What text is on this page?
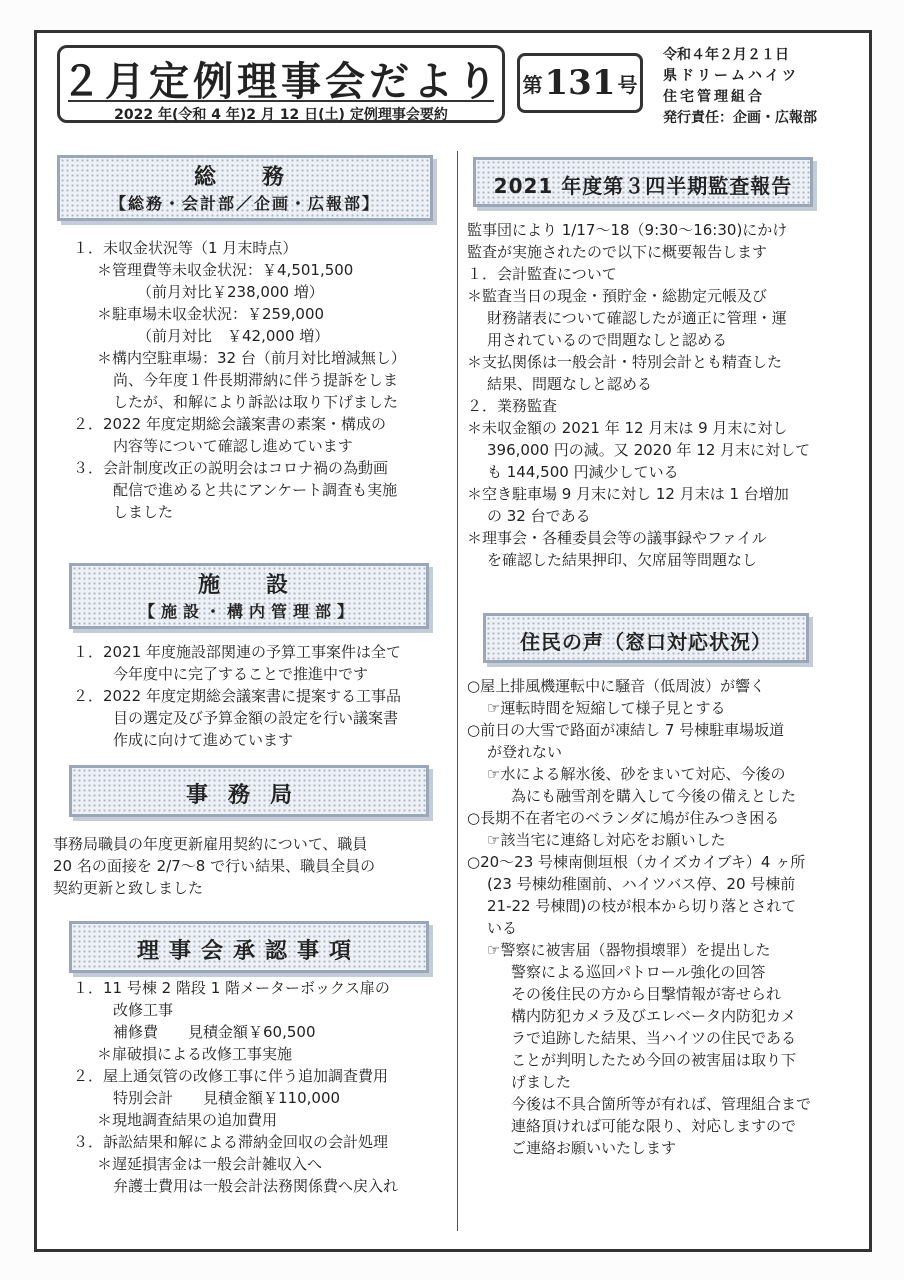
２月定例理事会だより
2022 年(令和 4 年)2 月 12 日(土) 定例理事会要約
第 131 号
令和４年２月２１日
県ドリームハイツ
住宅管理組合
発行責任：企画・広報部
総　務
【総務・会計部／企画・広報部】

１．未収金状況等（1 月末時点）

＊管理費等未収金状況：￥4,501,500

（前月対比￥238,000 増）

＊駐車場未収金状況：￥259,000

（前月対比　￥42,000 増）

＊構内空駐車場：32 台（前月対比増減無し）

尚、今年度１件長期滞納に伴う提訴をしま

したが、和解により訴訟は取り下げました

２．2022 年度定期総会議案書の素案・構成の

内容等について確認し進めています

３．会計制度改正の説明会はコロナ禍の為動画

配信で進めると共にアンケート調査も実施

しました

施　設
【施設・構内管理部】

１．2021 年度施設部関連の予算工事案件は全て

今年度中に完了することで推進中です

２．2022 年度定期総会議案書に提案する工事品

目の選定及び予算金額の設定を行い議案書

作成に向けて進めています

事務局

事務局職員の年度更新雇用契約について、職員

20 名の面接を 2/7～8 で行い結果、職員全員の

契約更新と致しました

理事会承認事項

１．11 号棟 2 階段 1 階メーターボックス扉の

改修工事

補修費　　見積金額￥60,500

＊扉破損による改修工事実施

２．屋上通気管の改修工事に伴う追加調査費用

特別会計　　見積金額￥110,000

＊現地調査結果の追加費用

３．訴訟結果和解による滞納金回収の会計処理

＊遅延損害金は一般会計雑収入へ

弁護士費用は一般会計法務関係費へ戻入れ

2021 年度第３四半期監査報告

監事団により 1/17～18（9:30～16:30)にかけ

監査が実施されたので以下に概要報告します

１．会計監査について

＊監査当日の現金・預貯金・総勘定元帳及び

財務諸表について確認したが適正に管理・運

用されているので問題なしと認める

＊支払関係は一般会計・特別会計とも精査した

結果、問題なしと認める

２．業務監査

＊未収金額の 2021 年 12 月末は 9 月末に対し

396,000 円の減。又 2020 年 12 月末に対して

も 144,500 円減少している

＊空き駐車場 9 月末に対し 12 月末は 1 台増加

の 32 台である

＊理事会・各種委員会等の議事録やファイル

を確認した結果押印、欠席届等問題なし

住民の声（窓口対応状況）

○屋上排風機運転中に騒音（低周波）が響く

☞運転時間を短縮して様子見とする

○前日の大雪で路面が凍結し 7 号棟駐車場坂道

が登れない

☞水による解氷後、砂をまいて対応、今後の

為にも融雪剤を購入して今後の備えとした

○長期不在者宅のベランダに鳩が住みつき困る

☞該当宅に連絡し対応をお願いした

○20～23 号棟南側垣根（カイズカイブキ）4 ヶ所

(23 号棟幼稚園前、ハイツバス停、20 号棟前

21-22 号棟間)の枝が根本から切り落とされて

いる

☞警察に被害届（器物損壊罪）を提出した

警察による巡回パトロール強化の回答

その後住民の方から目撃情報が寄せられ

構内防犯カメラ及びエレベータ内防犯カメ

ラで追跡した結果、当ハイツの住民である

ことが判明したため今回の被害届は取り下

げました

今後は不具合箇所等が有れば、管理組合まで

連絡頂ければ可能な限り、対応しますので

ご連絡お願いいたします
